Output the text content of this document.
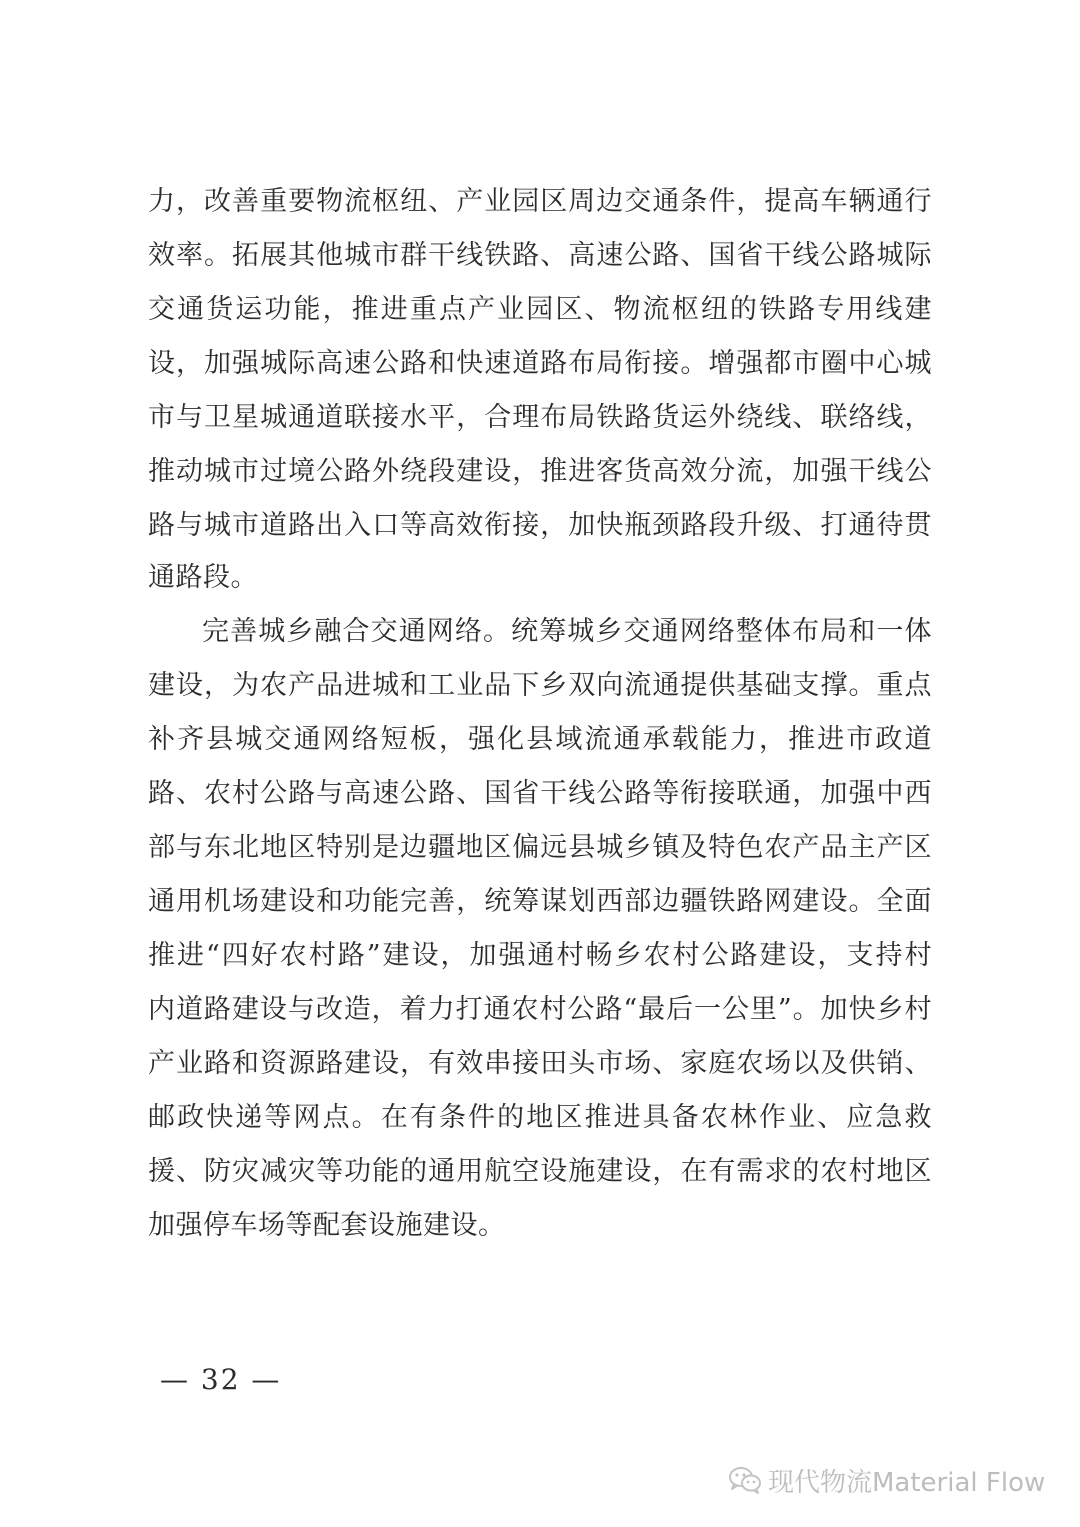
力，改善重要物流枢纽、产业园区周边交通条件，提高车辆通行
效率。拓展其他城市群干线铁路、高速公路、国省干线公路城际
交通货运功能，推进重点产业园区、物流枢纽的铁路专用线建
设，加强城际高速公路和快速道路布局衔接。增强都市圈中心城
市与卫星城通道联接水平，合理布局铁路货运外绕线、联络线，
推动城市过境公路外绕段建设，推进客货高效分流，加强干线公
路与城市道路出入口等高效衔接，加快瓶颈路段升级、打通待贯
通路段。
完善城乡融合交通网络。统筹城乡交通网络整体布局和一体
建设，为农产品进城和工业品下乡双向流通提供基础支撑。重点
补齐县城交通网络短板，强化县域流通承载能力，推进市政道
路、农村公路与高速公路、国省干线公路等衔接联通，加强中西
部与东北地区特别是边疆地区偏远县城乡镇及特色农产品主产区
通用机场建设和功能完善，统筹谋划西部边疆铁路网建设。全面
推进“四好农村路”建设，加强通村畅乡农村公路建设，支持村
内道路建设与改造，着力打通农村公路“最后一公里”。加快乡村
产业路和资源路建设，有效串接田头市场、家庭农场以及供销、
邮政快递等网点。在有条件的地区推进具备农林作业、应急救
援、防灾减灾等功能的通用航空设施建设，在有需求的农村地区
加强停车场等配套设施建设。
— 32 —
现代物流Material Flow
